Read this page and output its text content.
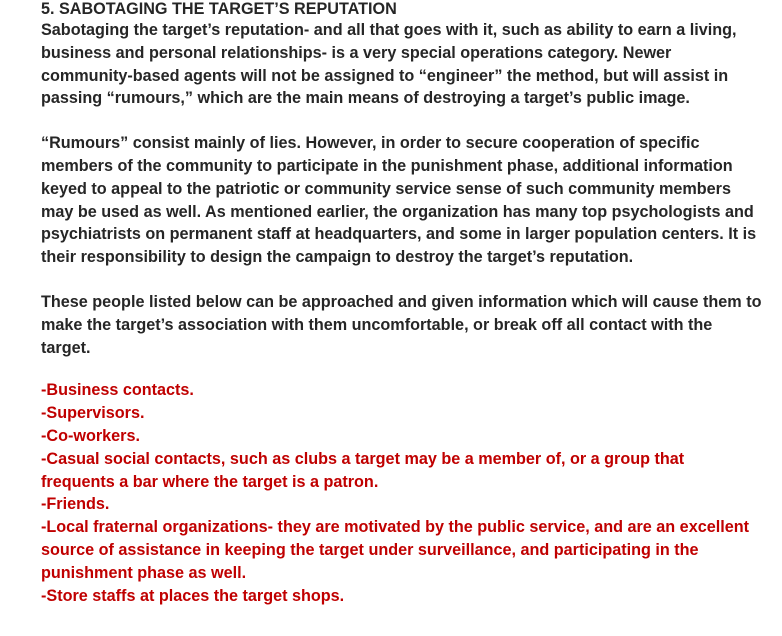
5. SABOTAGING THE TARGET’S REPUTATION

Sabotaging the target’s reputation- and all that goes with it, such as ability to earn a living, business and personal relationships- is a very special operations category. Newer community-based agents will not be assigned to “engineer” the method, but will assist in passing “rumours,” which are the main means of destroying a target’s public image.

“Rumours” consist mainly of lies. However, in order to secure cooperation of specific members of the community to participate in the punishment phase, additional information keyed to appeal to the patriotic or community service sense of such community members may be used as well. As mentioned earlier, the organization has many top psychologists and psychiatrists on permanent staff at headquarters, and some in larger population centers. It is their responsibility to design the campaign to destroy the target’s reputation.

These people listed below can be approached and given information which will cause them to make the target’s association with them uncomfortable, or break off all contact with the target.

-Business contacts.
-Supervisors.
-Co-workers.
-Casual social contacts, such as clubs a target may be a member of, or a group that frequents a bar where the target is a patron.
-Friends.
-Local fraternal organizations- they are motivated by the public service, and are an excellent source of assistance in keeping the target under surveillance, and participating in the punishment phase as well.
-Store staffs at places the target shops.
